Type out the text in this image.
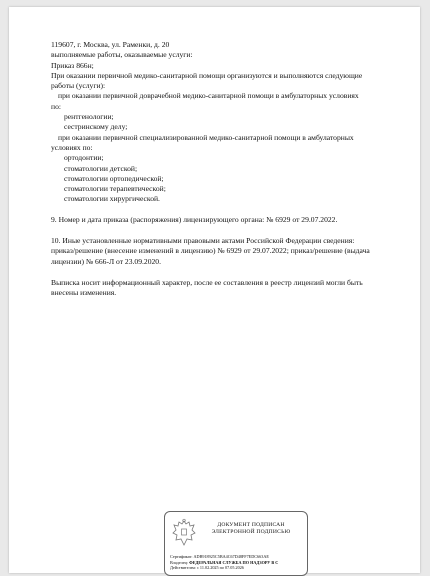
119607, г. Москва, ул. Раменки, д. 20

выполняемые работы, оказываемые услуги:

Приказ 866н;

При оказании первичной медико-санитарной помощи организуются и выполняются следующие

работы (услуги):

при оказании первичной доврачебной медико-санитарной помощи в амбулаторных условиях

по:

рентгенологии;

сестринскому делу;

при оказании первичной специализированной медико-санитарной помощи в амбулаторных

условиях по:

ортодонтии;

стоматологии детской;

стоматологии ортопедической;

стоматологии терапевтической;

стоматологии хирургической.

9. Номер и дата приказа (распоряжения) лицензирующего органа: № 6929 от 29.07.2022.

10. Иные установленные нормативными правовыми актами Российской Федерации сведения:

приказ/решение (внесение изменений в лицензию) № 6929 от 29.07.2022; приказ/решение (выдача

лицензии) № 666-Л от 23.09.2020.

Выписка носит информационный характер, после ее составления в реестр лицензий могли быть

внесены изменения.

ДОКУМЕНТ ПОДПИСАН
ЭЛЕКТРОННОЙ ПОДПИСЬЮ
Сертификат: ADB918925C5BA4C67D48FF7EDC663AE
Владелец: ФЕДЕРАЛЬНАЯ СЛУЖБА ПО НАДЗОРУ В С
Действителен: с 11.02.2025 по 07.05.2026
